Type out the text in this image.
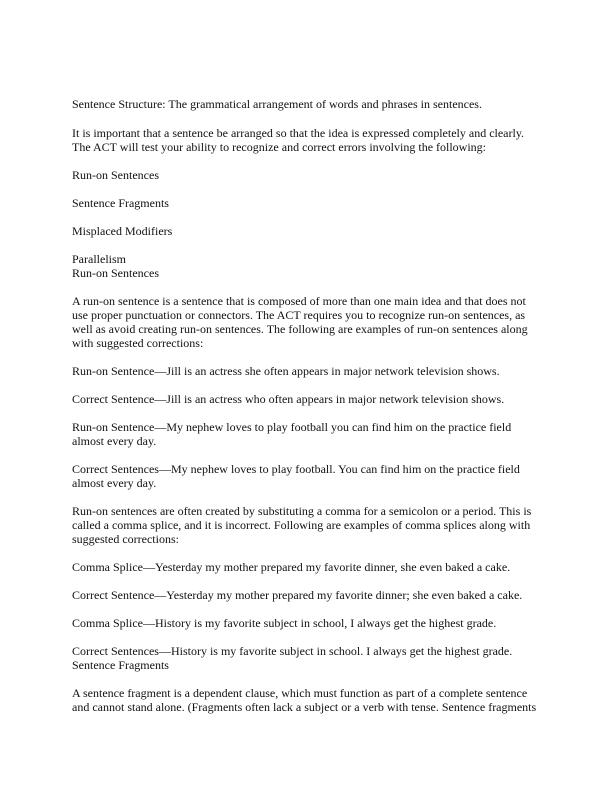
Sentence Structure: The grammatical arrangement of words and phrases in sentences.

It is important that a sentence be arranged so that the idea is expressed completely and clearly. The ACT will test your ability to recognize and correct errors involving the following:

Run-on Sentences

Sentence Fragments

Misplaced Modifiers

Parallelism

Run-on Sentences

A run-on sentence is a sentence that is composed of more than one main idea and that does not use proper punctuation or connectors. The ACT requires you to recognize run-on sentences, as well as avoid creating run-on sentences. The following are examples of run-on sentences along with suggested corrections:

Run-on Sentence—Jill is an actress she often appears in major network television shows.

Correct Sentence—Jill is an actress who often appears in major network television shows.

Run-on Sentence—My nephew loves to play football you can find him on the practice field almost every day.

Correct Sentences—My nephew loves to play football. You can find him on the practice field almost every day.

Run-on sentences are often created by substituting a comma for a semicolon or a period. This is called a comma splice, and it is incorrect. Following are examples of comma splices along with suggested corrections:

Comma Splice—Yesterday my mother prepared my favorite dinner, she even baked a cake.

Correct Sentence—Yesterday my mother prepared my favorite dinner; she even baked a cake.

Comma Splice—History is my favorite subject in school, I always get the highest grade.

Correct Sentences—History is my favorite subject in school. I always get the highest grade.

Sentence Fragments

A sentence fragment is a dependent clause, which must function as part of a complete sentence and cannot stand alone. (Fragments often lack a subject or a verb with tense. Sentence fragments
